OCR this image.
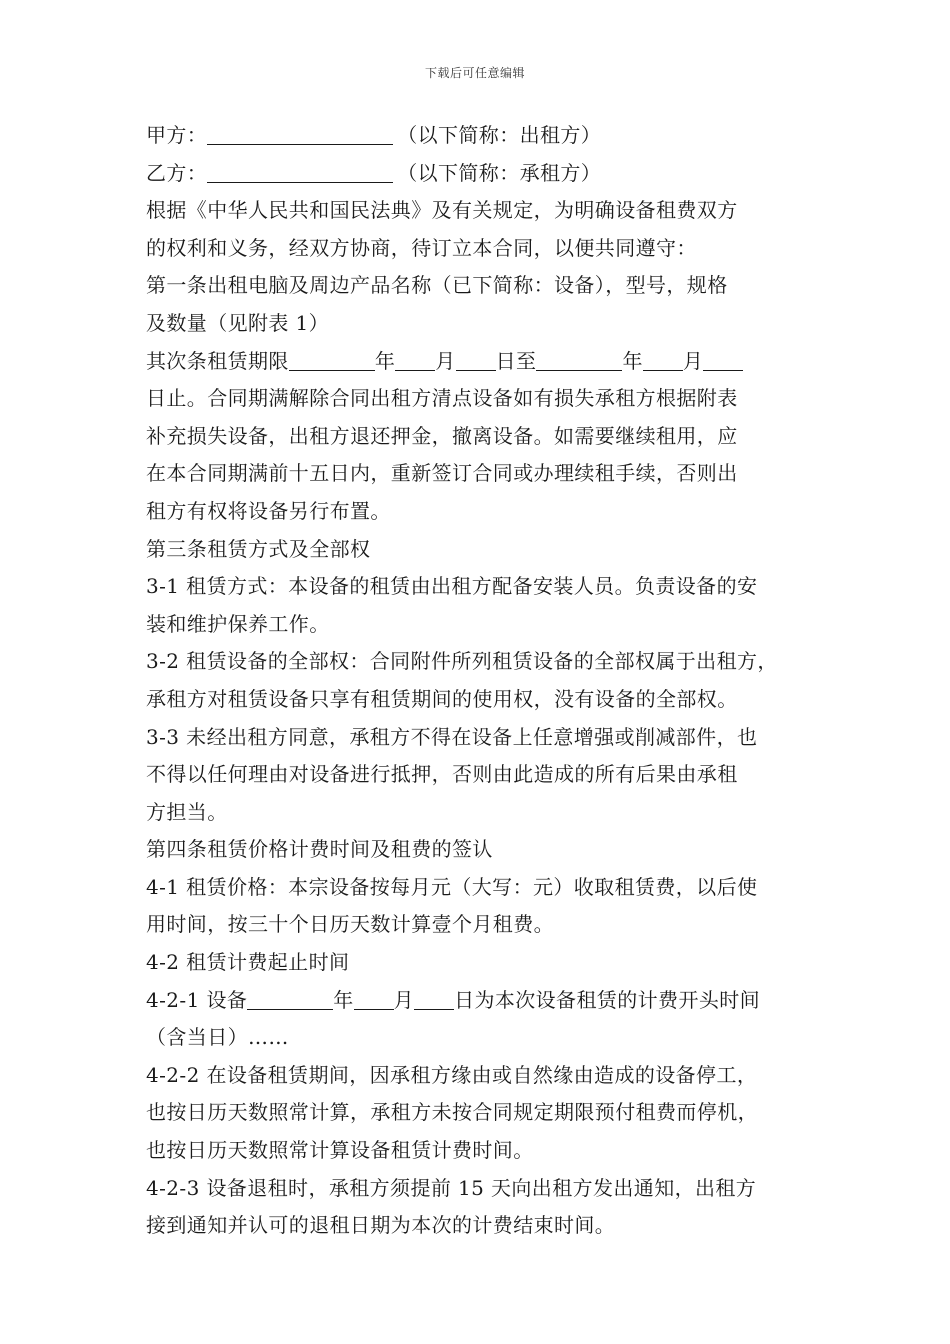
下载后可任意编辑
甲方：	（以下简称：出租方）
乙方：	（以下简称：承租方）
根据《中华人民共和国民法典》及有关规定，为明确设备租费双方
的权利和义务，经双方协商，待订立本合同，以便共同遵守：
第一条出租电脑及周边产品名称（已下简称：设备），型号，规格
及数量（见附表 1）
其次条租赁期限	年 月 日至	年 月
日止。合同期满解除合同出租方清点设备如有损失承租方根据附表
补充损失设备，出租方退还押金，撤离设备。如需要继续租用，应
在本合同期满前十五日内，重新签订合同或办理续租手续，否则出
租方有权将设备另行布置。
第三条租赁方式及全部权
3-1 租赁方式：本设备的租赁由出租方配备安装人员。负责设备的安
装和维护保养工作。
3-2 租赁设备的全部权：合同附件所列租赁设备的全部权属于出租方，
承租方对租赁设备只享有租赁期间的使用权，没有设备的全部权。
3-3 未经出租方同意，承租方不得在设备上任意增强或削减部件，也
不得以任何理由对设备进行抵押，否则由此造成的所有后果由承租
方担当。
第四条租赁价格计费时间及租费的签认
4-1 租赁价格：本宗设备按每月元（大写：元）收取租赁费，以后使
用时间，按三十个日历天数计算壹个月租费。
4-2 租赁计费起止时间
4-2-1 设备	年 月 日为本次设备租赁的计费开头时间
（含当日）……
4-2-2 在设备租赁期间，因承租方缘由或自然缘由造成的设备停工，
也按日历天数照常计算，承租方未按合同规定期限预付租费而停机，
也按日历天数照常计算设备租赁计费时间。
4-2-3 设备退租时，承租方须提前 15 天向出租方发出通知，出租方
接到通知并认可的退租日期为本次的计费结束时间。
